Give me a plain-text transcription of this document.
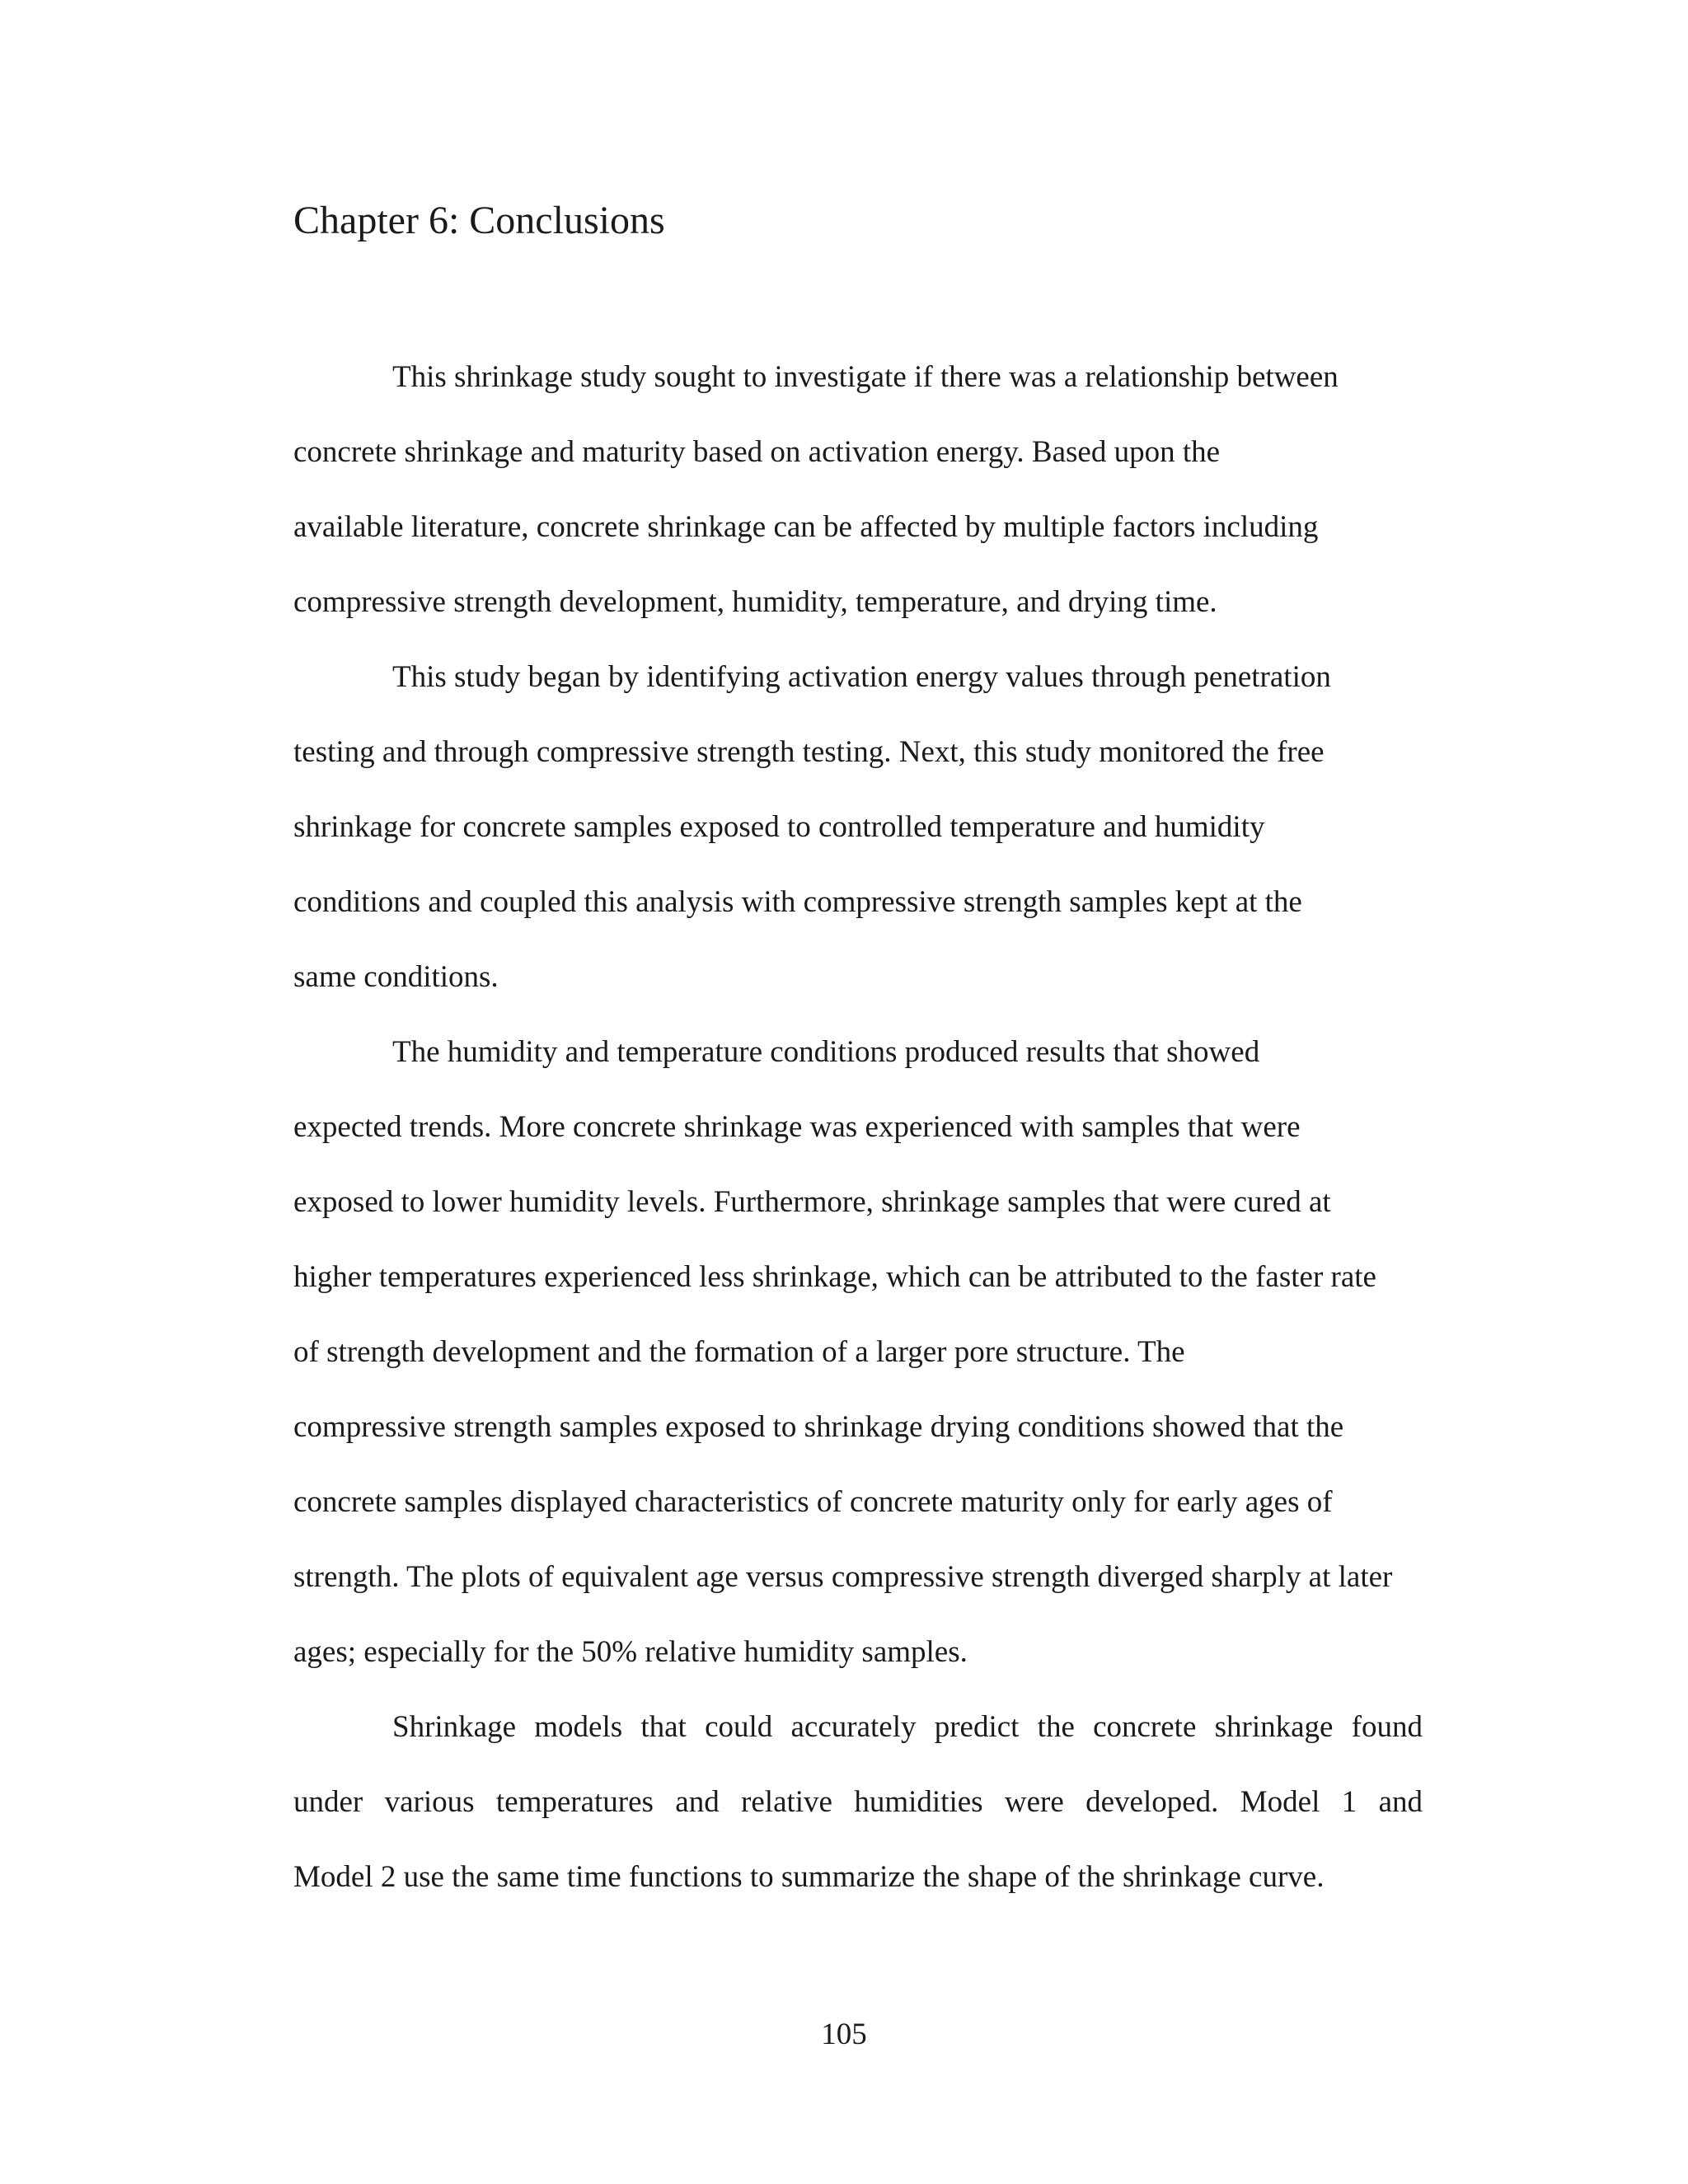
Chapter 6: Conclusions

This shrinkage study sought to investigate if there was a relationship between

concrete shrinkage and maturity based on activation energy. Based upon the

available literature, concrete shrinkage can be affected by multiple factors including

compressive strength development, humidity, temperature, and drying time.

This study began by identifying activation energy values through penetration

testing and through compressive strength testing. Next, this study monitored the free

shrinkage for concrete samples exposed to controlled temperature and humidity

conditions and coupled this analysis with compressive strength samples kept at the

same conditions.

The humidity and temperature conditions produced results that showed

expected trends. More concrete shrinkage was experienced with samples that were

exposed to lower humidity levels. Furthermore, shrinkage samples that were cured at

higher temperatures experienced less shrinkage, which can be attributed to the faster rate

of strength development and the formation of a larger pore structure. The

compressive strength samples exposed to shrinkage drying conditions showed that the

concrete samples displayed characteristics of concrete maturity only for early ages of

strength. The plots of equivalent age versus compressive strength diverged sharply at later

ages; especially for the 50% relative humidity samples.

Shrinkage models that could accurately predict the concrete shrinkage found

under various temperatures and relative humidities were developed. Model 1 and

Model 2 use the same time functions to summarize the shape of the shrinkage curve.

105
